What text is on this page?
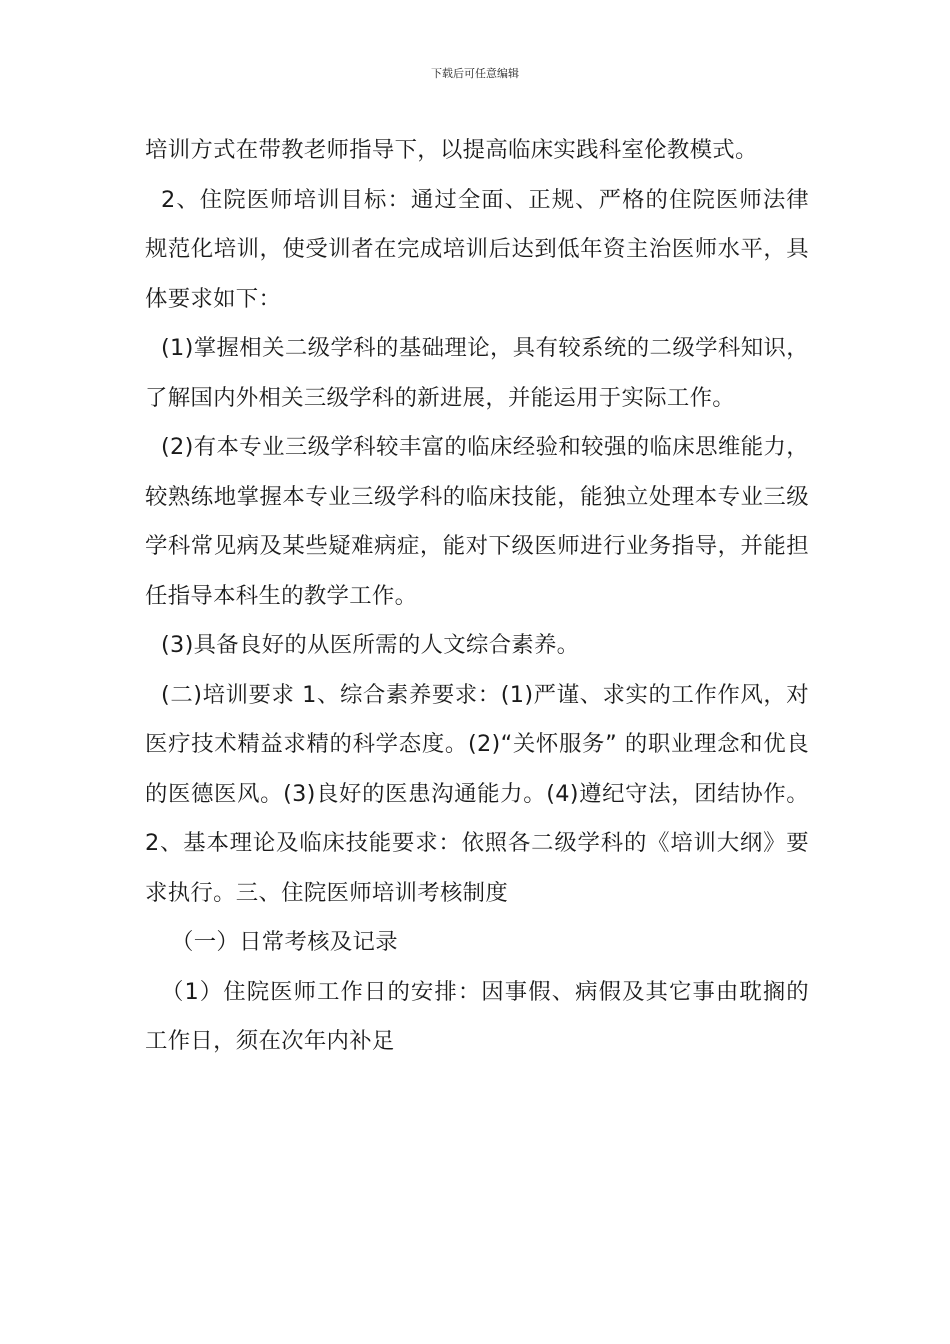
下载后可任意编辑

培训方式在带教老师指导下，以提高临床实践科室伦教模式。

2、住院医师培训目标：通过全面、正规、严格的住院医师法律规范化培训，使受训者在完成培训后达到低年资主治医师水平，具体要求如下：

(1)掌握相关二级学科的基础理论，具有较系统的二级学科知识，了解国内外相关三级学科的新进展，并能运用于实际工作。

(2)有本专业三级学科较丰富的临床经验和较强的临床思维能力，较熟练地掌握本专业三级学科的临床技能，能独立处理本专业三级学科常见病及某些疑难病症，能对下级医师进行业务指导，并能担任指导本科生的教学工作。

(3)具备良好的从医所需的人文综合素养。

(二)培训要求 1、综合素养要求：(1)严谨、求实的工作作风，对医疗技术精益求精的科学态度。(2)“关怀服务” 的职业理念和优良的医德医风。(3)良好的医患沟通能力。(4)遵纪守法，团结协作。2、基本理论及临床技能要求：依照各二级学科的《培训大纲》要求执行。三、住院医师培训考核制度

（一）日常考核及记录

（1）住院医师工作日的安排：因事假、病假及其它事由耽搁的工作日，须在次年内补足
